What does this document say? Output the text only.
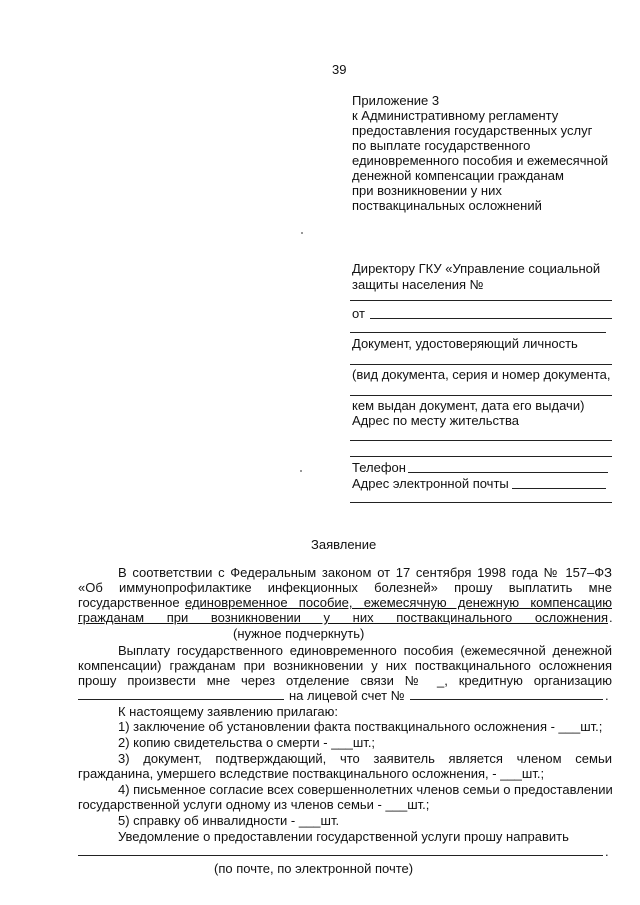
39
Приложение 3
к Административному регламенту
предоставления государственных услуг
по выплате государственного
единовременного пособия и ежемесячной
денежной компенсации гражданам
при возникновении у них
поствакцинальных осложнений
Директору ГКУ «Управление социальной
защиты населения №
от
Документ, удостоверяющий личность
(вид документа, серия и номер документа,
кем выдан документ, дата его выдачи)
Адрес по месту жительства
Телефон
Адрес электронной почты
Заявление
В соответствии с Федеральным законом от 17 сентября 1998 года № 157–ФЗ
«Об иммунопрофилактике инфекционных болезней» прошу выплатить мне
государственное единовременное пособие, ежемесячную денежную компенсацию
гражданам при возникновении у них поствакцинального осложнения .
(нужное подчеркнуть)
Выплату государственного единовременного пособия (ежемесячной денежной
компенсации) гражданам при возникновении у них поствакцинального осложнения
прошу произвести мне через отделение связи № _, кредитную организацию
на лицевой счет №	.
К настоящему заявлению прилагаю:
1) заключение об установлении факта поствакцинального осложнения - ___шт.;
2) копию свидетельства о смерти - ___шт.;
3) документ, подтверждающий, что заявитель является членом семьи
гражданина, умершего вследствие поствакцинального осложнения, - ___шт.;
4) письменное согласие всех совершеннолетних членов семьи о предоставлении
государственной услуги одному из членов семьи - ___шт.;
5) справку об инвалидности - ___шт.
Уведомление о предоставлении государственной услуги прошу направить
.
(по почте, по электронной почте)
